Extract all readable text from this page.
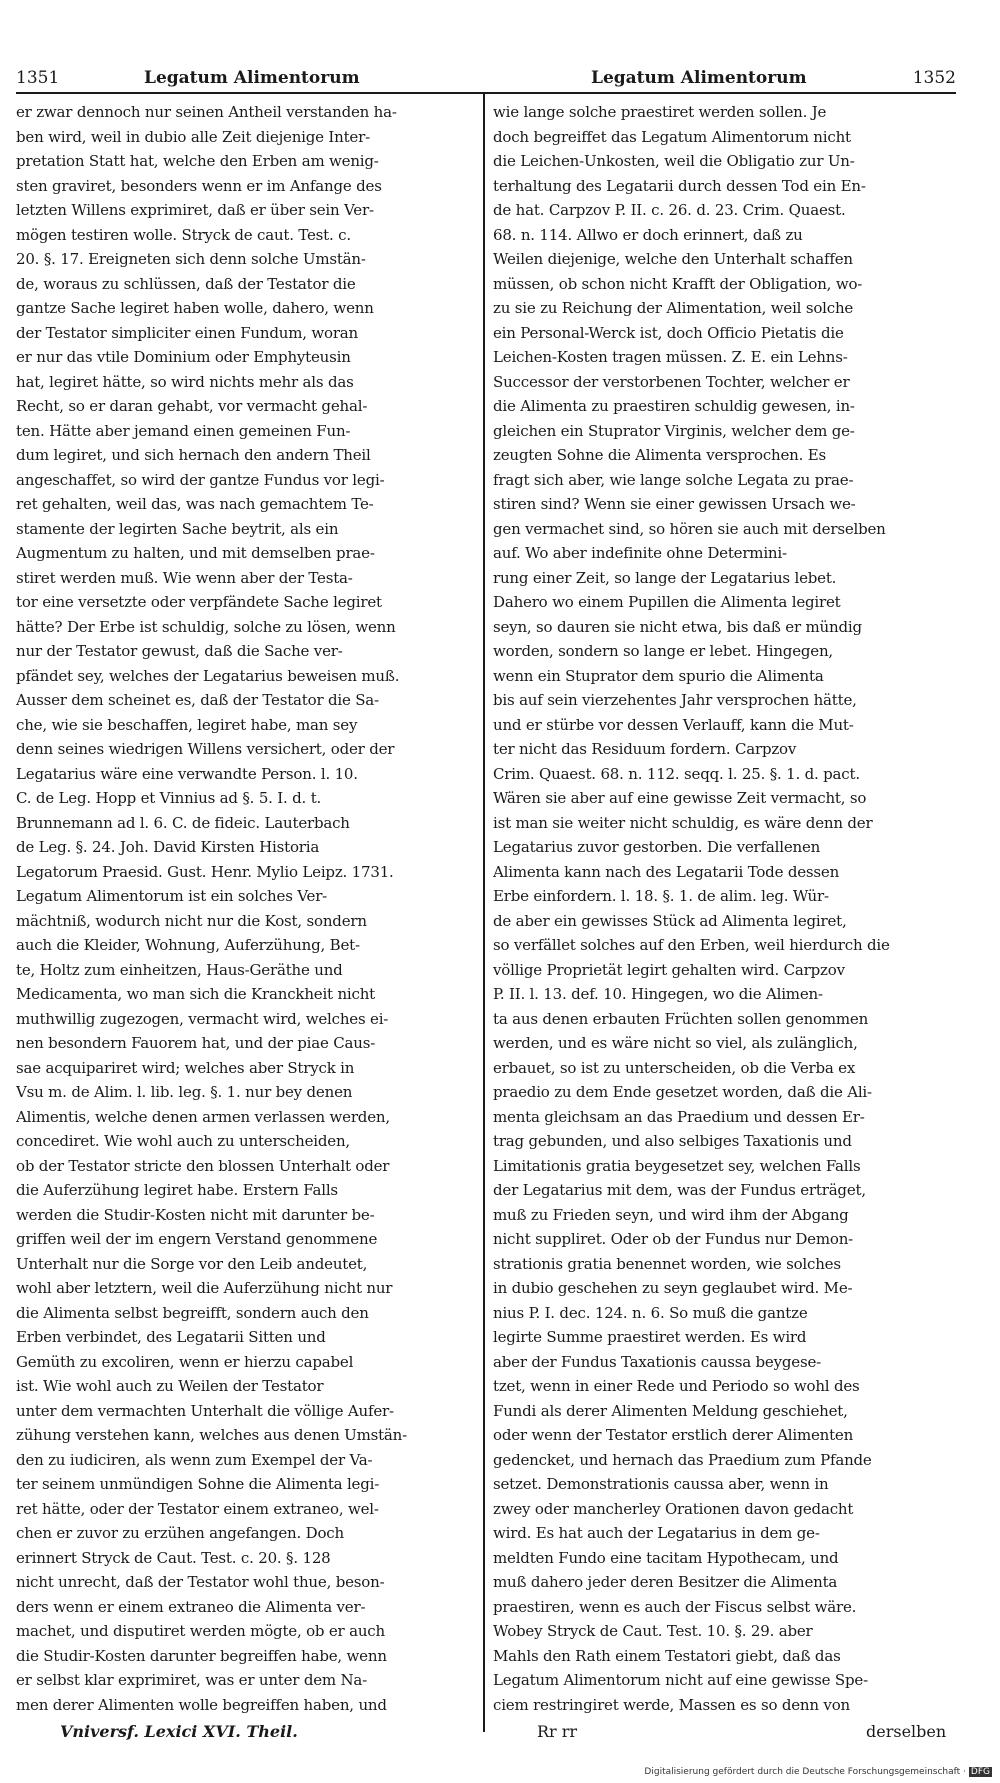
1351	Legatum Alimentorum	Legatum Alimentorum	1352
er zwar dennoch nur seinen Antheil verstanden ha-
ben wird, weil in dubio alle Zeit diejenige Inter-
pretation Statt hat, welche den Erben am wenig-
sten graviret, besonders wenn er im Anfange des
letzten Willens exprimiret, daß er über sein Ver-
mögen testiren wolle. Stryck de caut. Test. c.
20. §. 17. Ereigneten sich denn solche Umstän-
de, woraus zu schlüssen, daß der Testator die
gantze Sache legiret haben wolle, dahero, wenn
der Testator simpliciter einen Fundum, woran
er nur das vtile Dominium oder Emphyteusin
hat, legiret hätte, so wird nichts mehr als das
Recht, so er daran gehabt, vor vermacht gehal-
ten. Hätte aber jemand einen gemeinen Fun-
dum legiret, und sich hernach den andern Theil
angeschaffet, so wird der gantze Fundus vor legi-
ret gehalten, weil das, was nach gemachtem Te-
stamente der legirten Sache beytrit, als ein
Augmentum zu halten, und mit demselben prae-
stiret werden muß. Wie wenn aber der Testa-
tor eine versetzte oder verpfändete Sache legiret
hätte? Der Erbe ist schuldig, solche zu lösen, wenn
nur der Testator gewust, daß die Sache ver-
pfändet sey, welches der Legatarius beweisen muß.
Ausser dem scheinet es, daß der Testator die Sa-
che, wie sie beschaffen, legiret habe, man sey
denn seines wiedrigen Willens versichert, oder der
Legatarius wäre eine verwandte Person. l. 10.
C. de Leg. Hopp et Vinnius ad §. 5. I. d. t.
Brunnemann ad l. 6. C. de fideic. Lauterbach
de Leg. §. 24. Joh. David Kirsten Historia
Legatorum Praesid. Gust. Henr. Mylio Leipz. 1731.
Legatum Alimentorum ist ein solches Ver-
mächtniß, wodurch nicht nur die Kost, sondern
auch die Kleider, Wohnung, Auferzühung, Bet-
te, Holtz zum einheitzen, Haus-Geräthe und
Medicamenta, wo man sich die Kranckheit nicht
muthwillig zugezogen, vermacht wird, welches ei-
nen besondern Fauorem hat, und der piae Caus-
sae acquipariret wird; welches aber Stryck in
Vsu m. de Alim. l. lib. leg. §. 1. nur bey denen
Alimentis, welche denen armen verlassen werden,
concediret. Wie wohl auch zu unterscheiden,
ob der Testator stricte den blossen Unterhalt oder
die Auferzühung legiret habe. Erstern Falls
werden die Studir-Kosten nicht mit darunter be-
griffen weil der im engern Verstand genommene
Unterhalt nur die Sorge vor den Leib andeutet,
wohl aber letztern, weil die Auferzühung nicht nur
die Alimenta selbst begreifft, sondern auch den
Erben verbindet, des Legatarii Sitten und
Gemüth zu excoliren, wenn er hierzu capabel
ist. Wie wohl auch zu Weilen der Testator
unter dem vermachten Unterhalt die völlige Aufer-
zühung verstehen kann, welches aus denen Umstän-
den zu iudiciren, als wenn zum Exempel der Va-
ter seinem unmündigen Sohne die Alimenta legi-
ret hätte, oder der Testator einem extraneo, wel-
chen er zuvor zu erzühen angefangen. Doch
erinnert Stryck de Caut. Test. c. 20. §. 128
nicht unrecht, daß der Testator wohl thue, beson-
ders wenn er einem extraneo die Alimenta ver-
machet, und disputiret werden mögte, ob er auch
die Studir-Kosten darunter begreiffen habe, wenn
er selbst klar exprimiret, was er unter dem Na-
men derer Alimenten wolle begreiffen haben, und
wie lange solche praestiret werden sollen. Je
doch begreiffet das Legatum Alimentorum nicht
die Leichen-Unkosten, weil die Obligatio zur Un-
terhaltung des Legatarii durch dessen Tod ein En-
de hat. Carpzov P. II. c. 26. d. 23. Crim. Quaest.
68. n. 114. Allwo er doch erinnert, daß zu
Weilen diejenige, welche den Unterhalt schaffen
müssen, ob schon nicht Krafft der Obligation, wo-
zu sie zu Reichung der Alimentation, weil solche
ein Personal-Werck ist, doch Officio Pietatis die
Leichen-Kosten tragen müssen. Z. E. ein Lehns-
Successor der verstorbenen Tochter, welcher er
die Alimenta zu praestiren schuldig gewesen, in-
gleichen ein Stuprator Virginis, welcher dem ge-
zeugten Sohne die Alimenta versprochen. Es
fragt sich aber, wie lange solche Legata zu prae-
stiren sind? Wenn sie einer gewissen Ursach we-
gen vermachet sind, so hören sie auch mit derselben
auf. Wo aber indefinite ohne Determini-
rung einer Zeit, so lange der Legatarius lebet.
Dahero wo einem Pupillen die Alimenta legiret
seyn, so dauren sie nicht etwa, bis daß er mündig
worden, sondern so lange er lebet. Hingegen,
wenn ein Stuprator dem spurio die Alimenta
bis auf sein vierzehentes Jahr versprochen hätte,
und er stürbe vor dessen Verlauff, kann die Mut-
ter nicht das Residuum fordern. Carpzov
Crim. Quaest. 68. n. 112. seqq. l. 25. §. 1. d. pact.
Wären sie aber auf eine gewisse Zeit vermacht, so
ist man sie weiter nicht schuldig, es wäre denn der
Legatarius zuvor gestorben. Die verfallenen
Alimenta kann nach des Legatarii Tode dessen
Erbe einfordern. l. 18. §. 1. de alim. leg. Wür-
de aber ein gewisses Stück ad Alimenta legiret,
so verfället solches auf den Erben, weil hierdurch die
völlige Proprietät legirt gehalten wird. Carpzov
P. II. l. 13. def. 10. Hingegen, wo die Alimen-
ta aus denen erbauten Früchten sollen genommen
werden, und es wäre nicht so viel, als zulänglich,
erbauet, so ist zu unterscheiden, ob die Verba ex
praedio zu dem Ende gesetzet worden, daß die Ali-
menta gleichsam an das Praedium und dessen Er-
trag gebunden, und also selbiges Taxationis und
Limitationis gratia beygesetzet sey, welchen Falls
der Legatarius mit dem, was der Fundus erträget,
muß zu Frieden seyn, und wird ihm der Abgang
nicht suppliret. Oder ob der Fundus nur Demon-
strationis gratia benennet worden, wie solches
in dubio geschehen zu seyn geglaubet wird. Me-
nius P. I. dec. 124. n. 6. So muß die gantze
legirte Summe praestiret werden. Es wird
aber der Fundus Taxationis caussa beygese-
tzet, wenn in einer Rede und Periodo so wohl des
Fundi als derer Alimenten Meldung geschiehet,
oder wenn der Testator erstlich derer Alimenten
gedencket, und hernach das Praedium zum Pfande
setzet. Demonstrationis caussa aber, wenn in
zwey oder mancherley Orationen davon gedacht
wird. Es hat auch der Legatarius in dem ge-
meldten Fundo eine tacitam Hypothecam, und
muß dahero jeder deren Besitzer die Alimenta
praestiren, wenn es auch der Fiscus selbst wäre.
Wobey Stryck de Caut. Test. 10. §. 29. aber
Mahls den Rath einem Testatori giebt, daß das
Legatum Alimentorum nicht auf eine gewisse Spe-
ciem restringiret werde, Massen es so denn von
Vniversf. Lexici XVI. Theil.	Rr rr	derselben
Digitalisierung gefördert durch die Deutsche Forschungsgemeinschaft · DFG
